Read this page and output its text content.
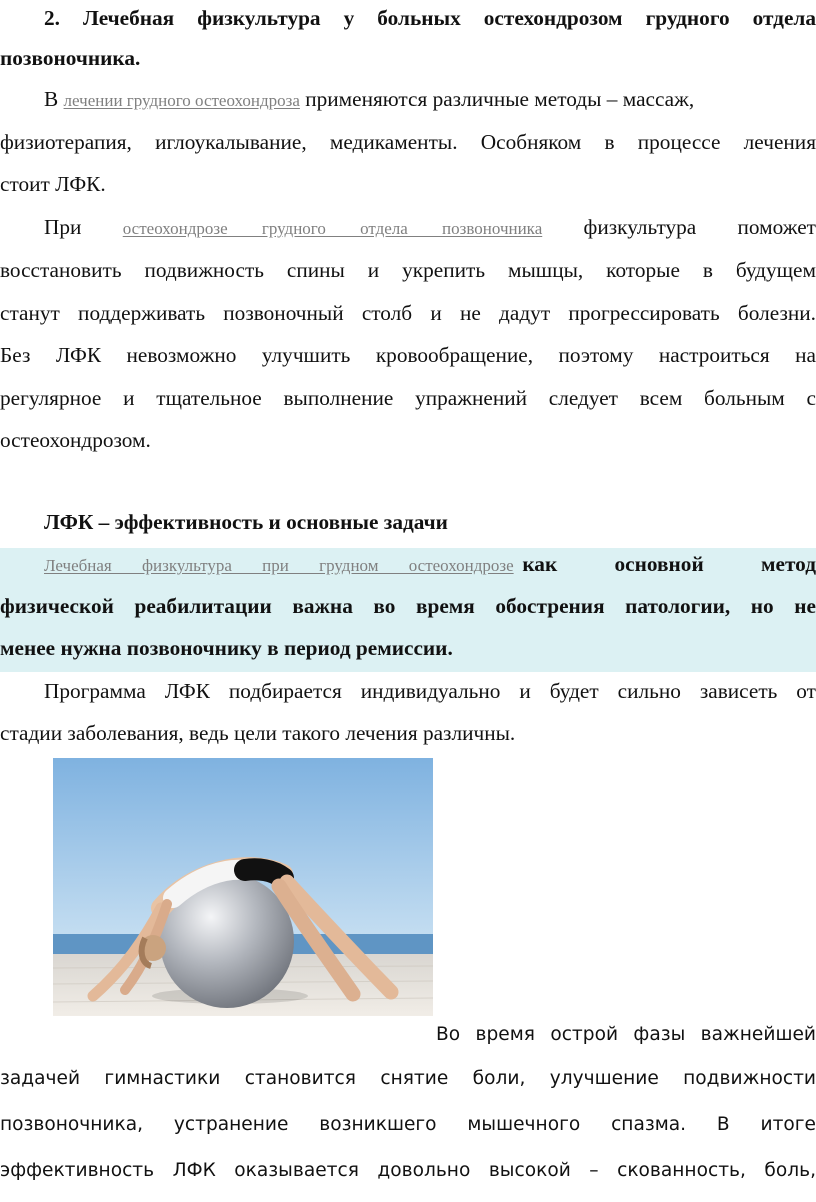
2. Лечебная физкультура у больных остехондрозом грудного отдела
позвоночника.
В лечении грудного остеохондроза применяются различные методы – массаж,
физиотерапия, иглоукалывание, медикаменты. Особняком в процессе лечения
стоит ЛФК.
При остеохондрозе грудного отдела позвоночника физкультура поможет
восстановить подвижность спины и укрепить мышцы, которые в будущем
станут поддерживать позвоночный столб и не дадут прогрессировать болезни.
Без ЛФК невозможно улучшить кровообращение, поэтому настроиться на
регулярное и тщательное выполнение упражнений следует всем больным с
остеохондрозом.
ЛФК – эффективность и основные задачи
Лечебная физкультура при грудном остеохондрозе как основной метод
физической реабилитации важна во время обострения патологии, но не
менее нужна позвоночнику в период ремиссии.
Программа ЛФК подбирается индивидуально и будет сильно зависеть от
стадии заболевания, ведь цели такого лечения различны.
Во время острой фазы важнейшей
задачей гимнастики становится снятие боли, улучшение подвижности
позвоночника, устранение возникшего мышечного спазма. В итоге
эффективность ЛФК оказывается довольно высокой – скованность, боль,
